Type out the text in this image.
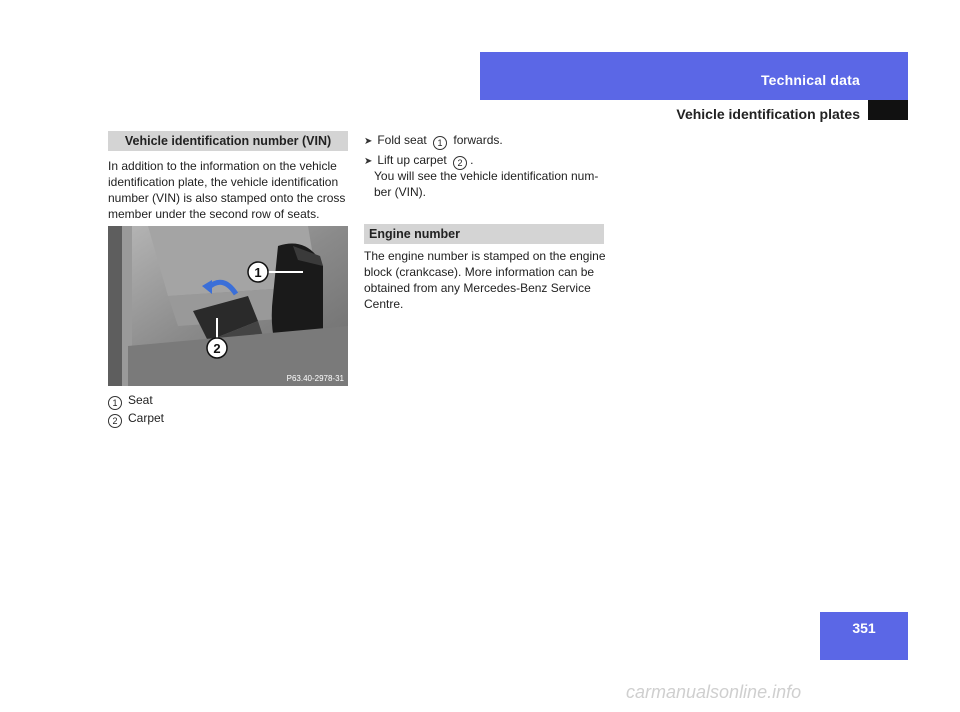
Technical data
Vehicle identification plates
Vehicle identification number (VIN)
In addition to the information on the vehicle
identification plate, the vehicle identification
number (VIN) is also stamped onto the cross
member under the second row of seats.
1
2
P63.40-2978-31
1 Seat
2 Carpet
➤ Fold seat 1 forwards.
➤ Lift up carpet 2 .
You will see the vehicle identification num-
ber (VIN).
Engine number
The engine number is stamped on the engine
block (crankcase). More information can be
obtained from any Mercedes-Benz Service
Centre.
351
carmanualsonline.info
